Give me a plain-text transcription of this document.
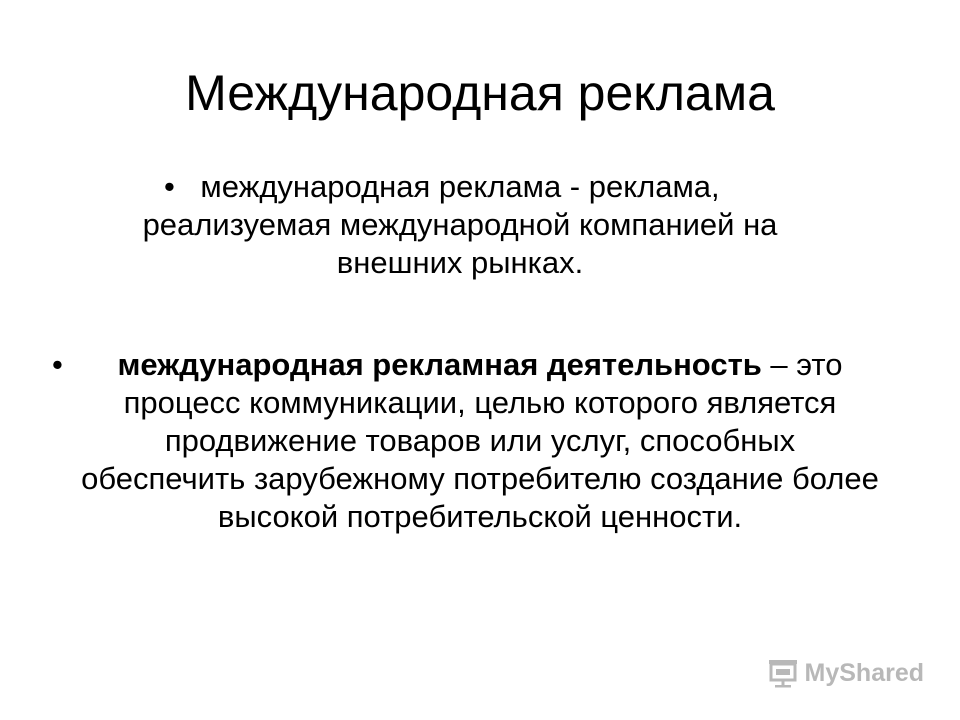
Международная реклама
• международная реклама - реклама, реализуемая международной компанией на внешних рынках.
•	международная рекламная деятельность – это процесс коммуникации, целью которого является продвижение товаров или услуг, способных обеспечить зарубежному потребителю создание более высокой потребительской ценности.
MyShared
